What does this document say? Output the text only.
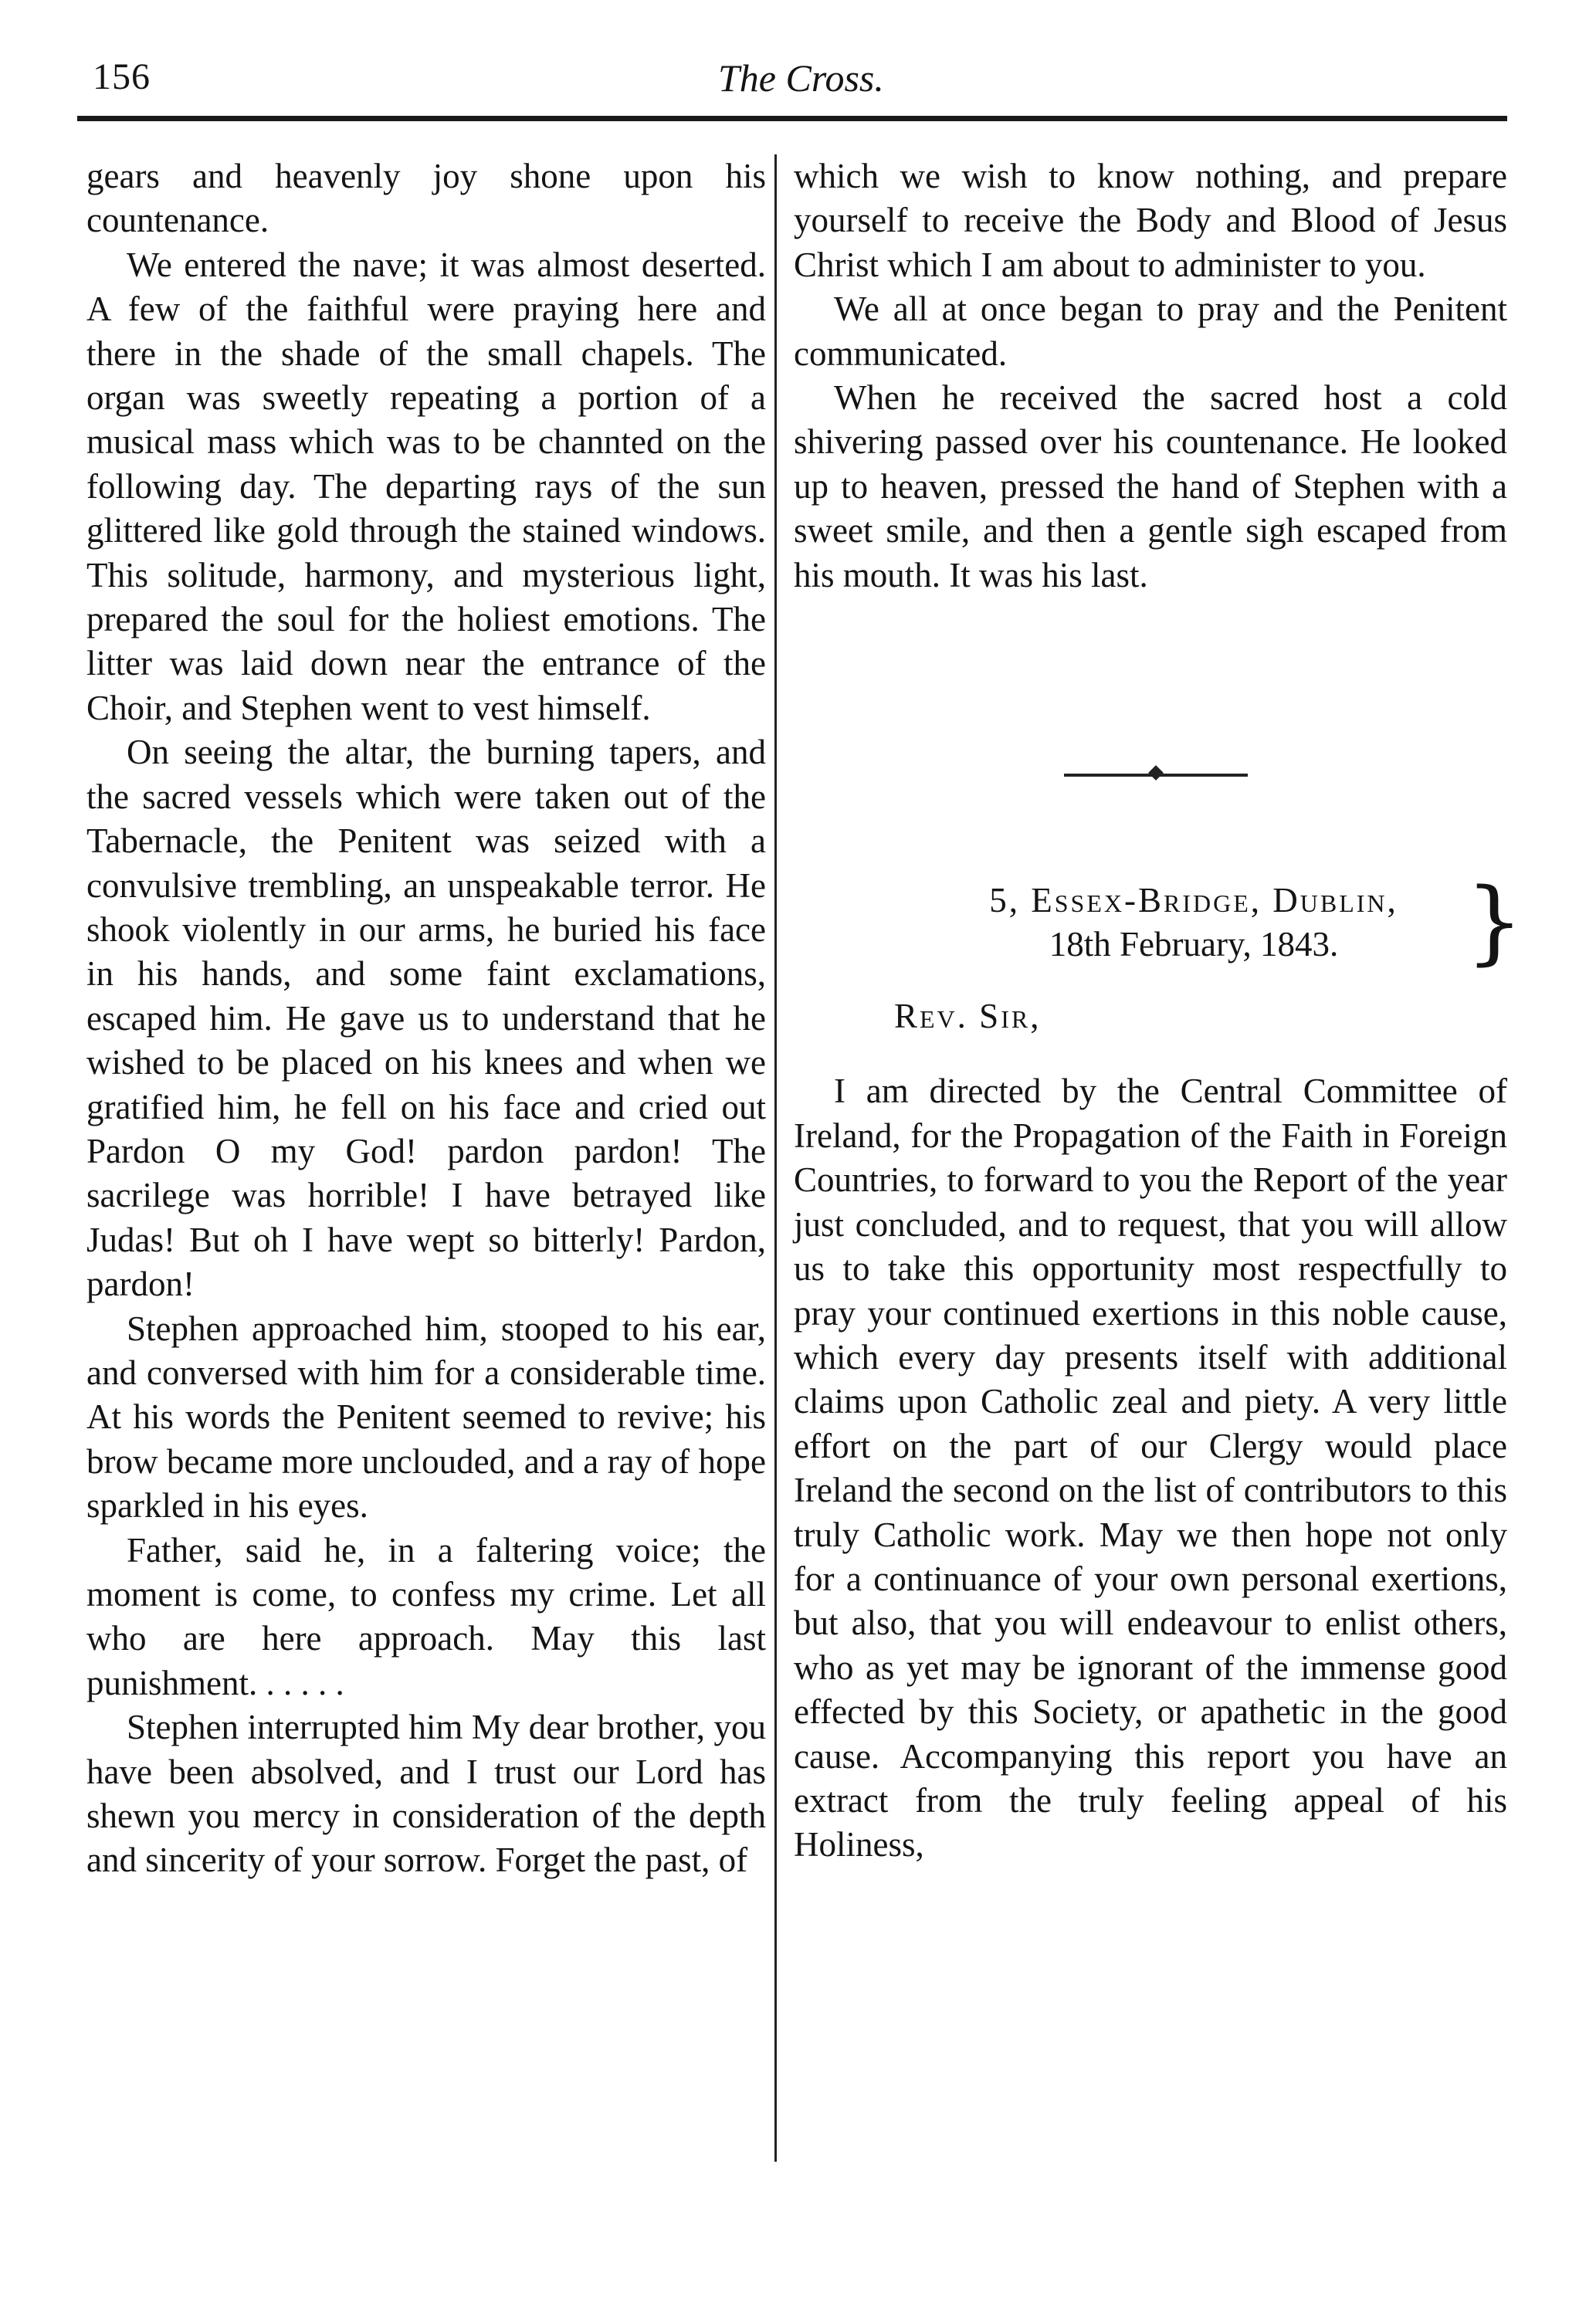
156	The Cross.

gears and heavenly joy shone upon his countenance.

We entered the nave; it was almost deserted. A few of the faithful were praying here and there in the shade of the small chapels. The organ was sweetly repeating a portion of a musical mass which was to be channted on the following day. The departing rays of the sun glittered like gold through the stained windows. This solitude, harmony, and mysterious light, prepared the soul for the holiest emotions. The litter was laid down near the entrance of the Choir, and Stephen went to vest himself.

On seeing the altar, the burning tapers, and the sacred vessels which were taken out of the Tabernacle, the Penitent was seized with a convulsive trembling, an unspeakable terror. He shook violently in our arms, he buried his face in his hands, and some faint exclamations, escaped him. He gave us to understand that he wished to be placed on his knees and when we gratified him, he fell on his face and cried out Pardon O my God! pardon pardon! The sacrilege was horrible! I have betrayed like Judas! But oh I have wept so bitterly! Pardon, pardon!

Stephen approached him, stooped to his ear, and conversed with him for a considerable time. At his words the Penitent seemed to revive; his brow became more unclouded, and a ray of hope sparkled in his eyes.

Father, said he, in a faltering voice; the moment is come, to confess my crime. Let all who are here approach. May this last punishment. . . . . .

Stephen interrupted him My dear brother, you have been absolved, and I trust our Lord has shewn you mercy in consideration of the depth and sincerity of your sorrow. Forget the past, of

which we wish to know nothing, and prepare yourself to receive the Body and Blood of Jesus Christ which I am about to administer to you.

We all at once began to pray and the Penitent communicated.

When he received the sacred host a cold shivering passed over his countenance. He looked up to heaven, pressed the hand of Stephen with a sweet smile, and then a gentle sigh escaped from his mouth. It was his last.

5, Essex-Bridge, Dublin,
18th February, 1843.	}
Rev. Sir,

I am directed by the Central Committee of Ireland, for the Propagation of the Faith in Foreign Countries, to forward to you the Report of the year just concluded, and to request, that you will allow us to take this opportunity most respectfully to pray your continued exertions in this noble cause, which every day presents itself with additional claims upon Catholic zeal and piety. A very little effort on the part of our Clergy would place Ireland the second on the list of contributors to this truly Catholic work. May we then hope not only for a continuance of your own personal exertions, but also, that you will endeavour to enlist others, who as yet may be ignorant of the immense good effected by this Society, or apathetic in the good cause. Accompanying this report you have an extract from the truly feeling appeal of his Holiness,
